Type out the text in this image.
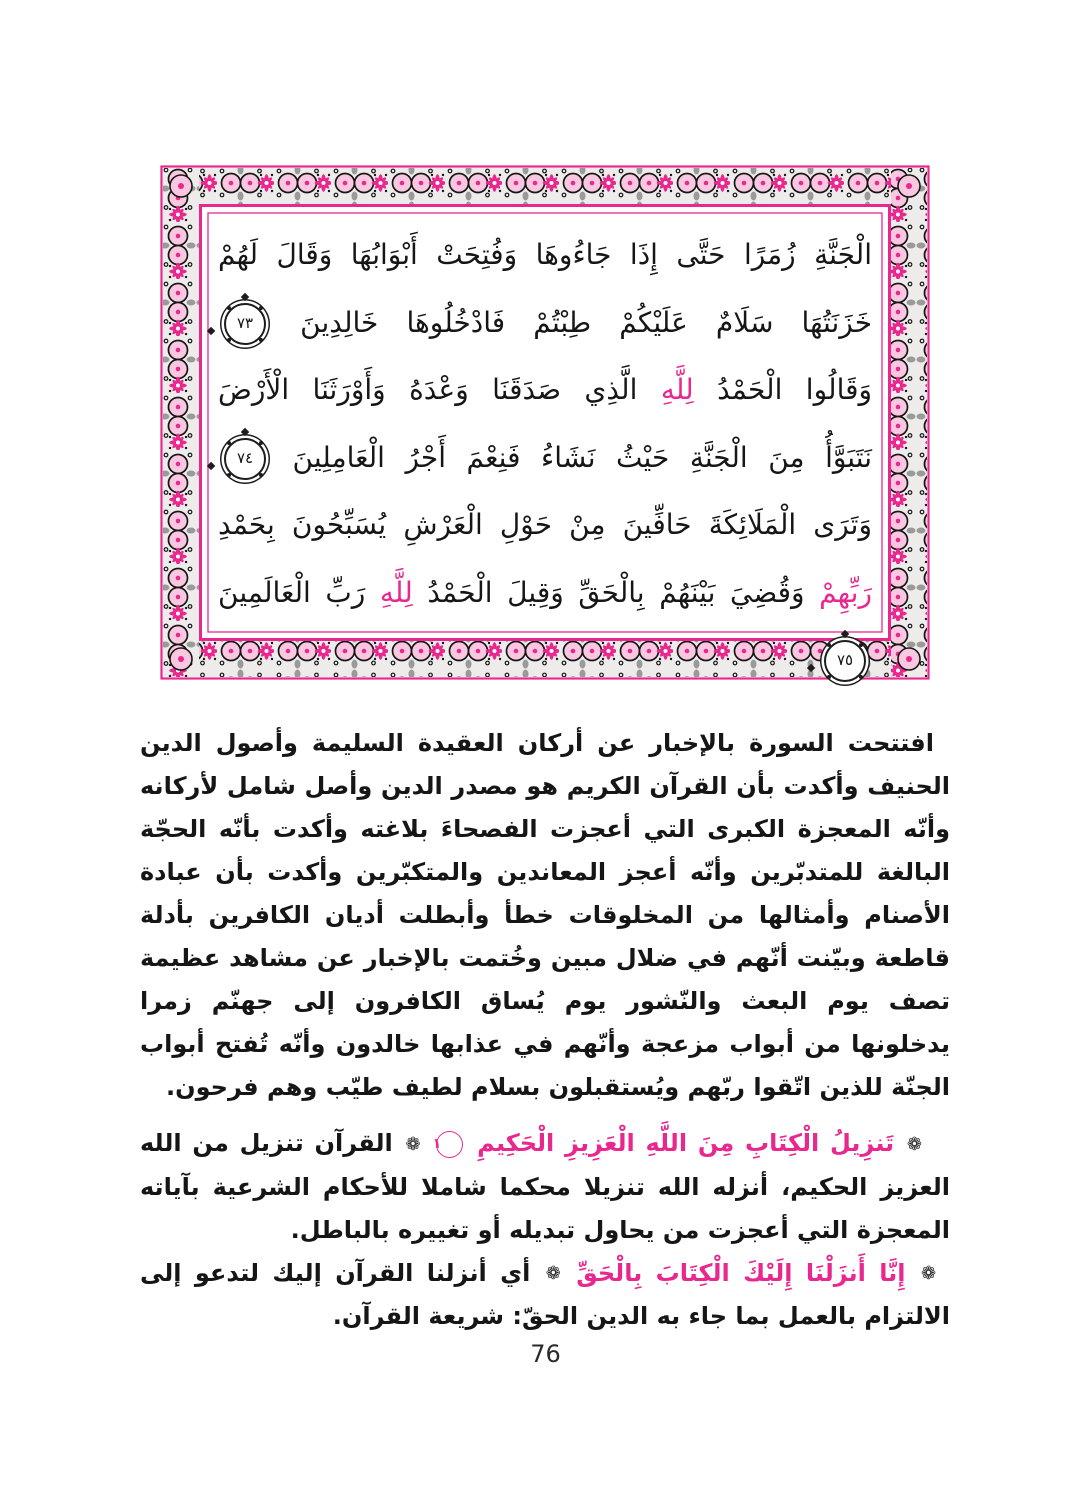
الْجَنَّةِ زُمَرًا حَتَّى إِذَا جَاءُوهَا وَفُتِحَتْ أَبْوَابُهَا وَقَالَ لَهُمْ
خَزَنَتُهَا سَلَامٌ عَلَيْكُمْ طِبْتُمْ فَادْخُلُوهَا خَالِدِينَ ٧٣
وَقَالُوا الْحَمْدُ لِلَّهِ الَّذِي صَدَقَنَا وَعْدَهُ وَأَوْرَثَنَا الْأَرْضَ
نَتَبَوَّأُ مِنَ الْجَنَّةِ حَيْثُ نَشَاءُ فَنِعْمَ أَجْرُ الْعَامِلِينَ ٧٤
وَتَرَى الْمَلَائِكَةَ حَافِّينَ مِنْ حَوْلِ الْعَرْشِ يُسَبِّحُونَ بِحَمْدِ
رَبِّهِمْ وَقُضِيَ بَيْنَهُمْ بِالْحَقِّ وَقِيلَ الْحَمْدُ لِلَّهِ رَبِّ الْعَالَمِينَ ٧٥

افتتحت السورة بالإخبار عن أركان العقيدة السليمة وأصول الدين الحنيف وأكدت بأن القرآن الكريم هو مصدر الدين وأصل شامل لأركانه وأنّه المعجزة الكبرى التي أعجزت الفصحاءَ بلاغته وأكدت بأنّه الحجّة البالغة للمتدبّرين وأنّه أعجز المعاندين والمتكبّرين وأكدت بأن عبادة الأصنام وأمثالها من المخلوقات خطأ وأبطلت أديان الكافرين بأدلة قاطعة وبيّنت أنّهم في ضلال مبين وخُتمت بالإخبار عن مشاهد عظيمة تصف يوم البعث والنّشور يوم يُساق الكافرون إلى جهنّم زمرا يدخلونها من أبواب مزعجة وأنّهم في عذابها خالدون وأنّه تُفتح أبواب الجنّة للذين اتّقوا ربّهم ويُستقبلون بسلام لطيف طيّب وهم فرحون.

❁ تَنزِيلُ الْكِتَابِ مِنَ اللَّهِ الْعَزِيزِ الْحَكِيمِ ١ ❁ القرآن تنزيل من الله العزيز الحكيم، أنزله الله تنزيلا محكما شاملا للأحكام الشرعية بآياته المعجزة التي أعجزت من يحاول تبديله أو تغييره بالباطل.

❁ إِنَّا أَنزَلْنَا إِلَيْكَ الْكِتَابَ بِالْحَقِّ ❁ أي أنزلنا القرآن إليك لتدعو إلى الالتزام بالعمل بما جاء به الدين الحقّ: شريعة القرآن.

76
